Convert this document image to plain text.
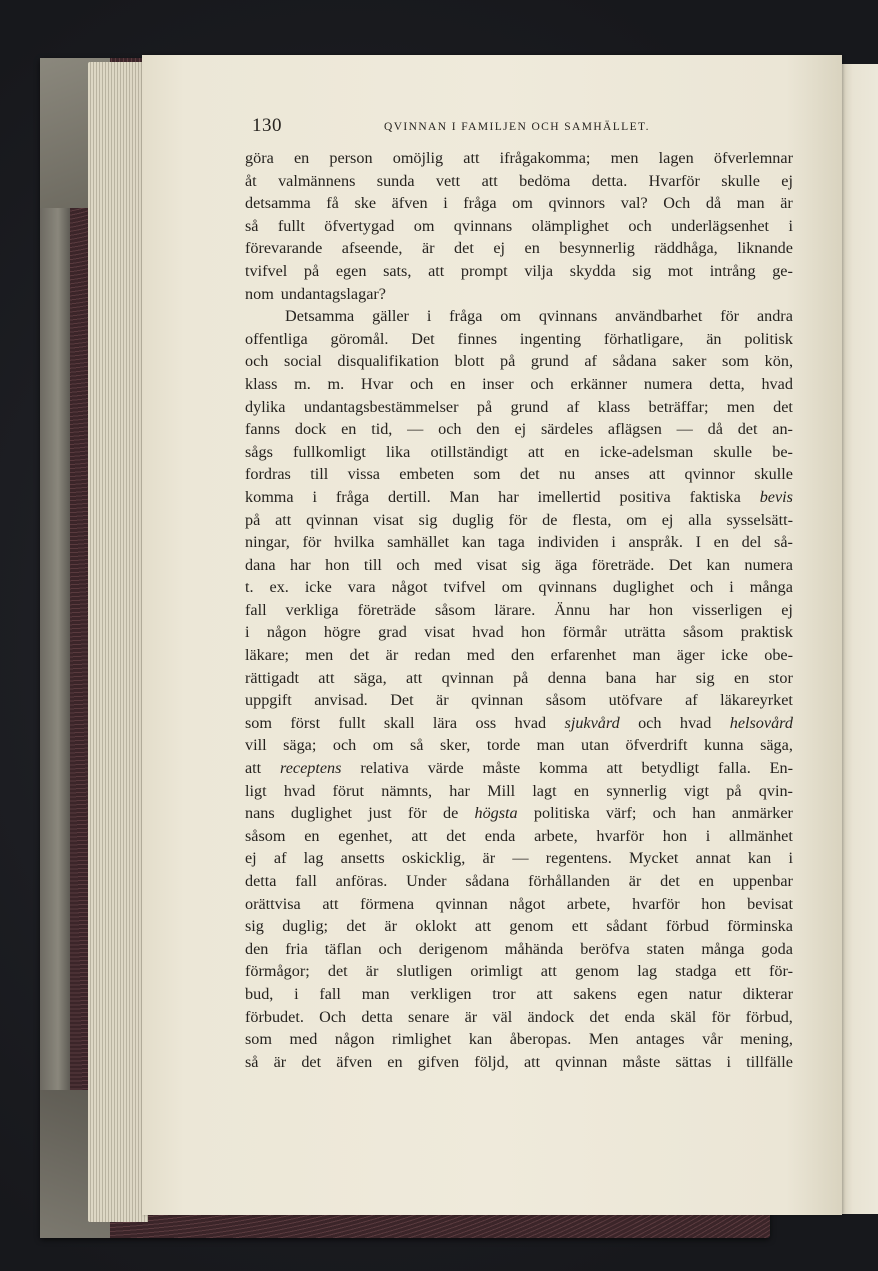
130	QVINNAN I FAMILJEN OCH SAMHÄLLET.
göra en person omöjlig att ifrågakomma; men lagen öfverlemnar
åt valmännens sunda vett att bedöma detta. Hvarför skulle ej
detsamma få ske äfven i fråga om qvinnors val? Och då man är
så fullt öfvertygad om qvinnans olämplighet och underlägsenhet i
förevarande afseende, är det ej en besynnerlig räddhåga, liknande
tvifvel på egen sats, att prompt vilja skydda sig mot intrång ge-
nom undantagslagar?
Detsamma gäller i fråga om qvinnans användbarhet för andra
offentliga göromål. Det finnes ingenting förhatligare, än politisk
och social disqualifikation blott på grund af sådana saker som kön,
klass m. m. Hvar och en inser och erkänner numera detta, hvad
dylika undantagsbestämmelser på grund af klass beträffar; men det
fanns dock en tid, — och den ej särdeles aflägsen — då det an-
sågs fullkomligt lika otillständigt att en icke-adelsman skulle be-
fordras till vissa embeten som det nu anses att qvinnor skulle
komma i fråga dertill. Man har imellertid positiva faktiska bevis
på att qvinnan visat sig duglig för de flesta, om ej alla sysselsätt-
ningar, för hvilka samhället kan taga individen i anspråk. I en del så-
dana har hon till och med visat sig äga företräde. Det kan numera
t. ex. icke vara något tvifvel om qvinnans duglighet och i många
fall verkliga företräde såsom lärare. Ännu har hon visserligen ej
i någon högre grad visat hvad hon förmår uträtta såsom praktisk
läkare; men det är redan med den erfarenhet man äger icke obe-
rättigadt att säga, att qvinnan på denna bana har sig en stor
uppgift anvisad. Det är qvinnan såsom utöfvare af läkareyrket
som först fullt skall lära oss hvad sjukvård och hvad helsovård
vill säga; och om så sker, torde man utan öfverdrift kunna säga,
att receptens relativa värde måste komma att betydligt falla. En-
ligt hvad förut nämnts, har Mill lagt en synnerlig vigt på qvin-
nans duglighet just för de högsta politiska värf; och han anmärker
såsom en egenhet, att det enda arbete, hvarför hon i allmänhet
ej af lag ansetts oskicklig, är — regentens. Mycket annat kan i
detta fall anföras. Under sådana förhållanden är det en uppenbar
orättvisa att förmena qvinnan något arbete, hvarför hon bevisat
sig duglig; det är oklokt att genom ett sådant förbud förminska
den fria täflan och derigenom måhända beröfva staten många goda
förmågor; det är slutligen orimligt att genom lag stadga ett för-
bud, i fall man verkligen tror att sakens egen natur dikterar
förbudet. Och detta senare är väl ändock det enda skäl för förbud,
som med någon rimlighet kan åberopas. Men antages vår mening,
så är det äfven en gifven följd, att qvinnan måste sättas i tillfälle
